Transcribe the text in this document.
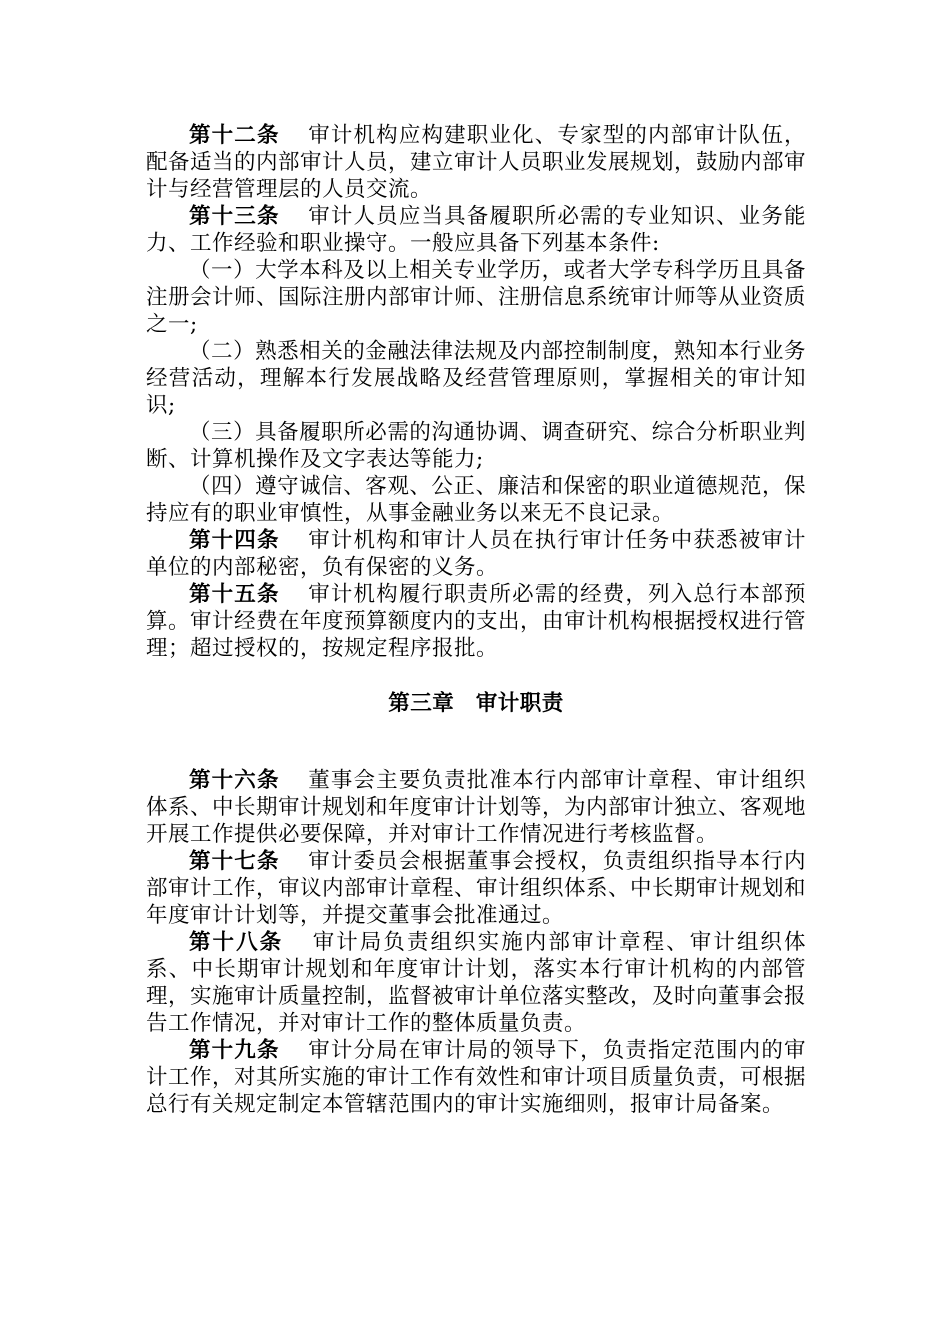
第十二条 审计机构应构建职业化、专家型的内部审计队伍，配备适当的内部审计人员，建立审计人员职业发展规划，鼓励内部审计与经营管理层的人员交流。

第十三条 审计人员应当具备履职所必需的专业知识、业务能力、工作经验和职业操守。一般应具备下列基本条件:

（一）大学本科及以上相关专业学历，或者大学专科学历且具备注册会计师、国际注册内部审计师、注册信息系统审计师等从业资质之一;

（二）熟悉相关的金融法律法规及内部控制制度，熟知本行业务经营活动，理解本行发展战略及经营管理原则，掌握相关的审计知识;

（三）具备履职所必需的沟通协调、调查研究、综合分析职业判断、计算机操作及文字表达等能力;

（四）遵守诚信、客观、公正、廉洁和保密的职业道德规范，保持应有的职业审慎性，从事金融业务以来无不良记录。

第十四条 审计机构和审计人员在执行审计任务中获悉被审计单位的内部秘密，负有保密的义务。

第十五条 审计机构履行职责所必需的经费，列入总行本部预算。审计经费在年度预算额度内的支出，由审计机构根据授权进行管理；超过授权的，按规定程序报批。

第三章 审计职责

第十六条 董事会主要负责批准本行内部审计章程、审计组织体系、中长期审计规划和年度审计计划等，为内部审计独立、客观地开展工作提供必要保障，并对审计工作情况进行考核监督。

第十七条 审计委员会根据董事会授权，负责组织指导本行内部审计工作，审议内部审计章程、审计组织体系、中长期审计规划和年度审计计划等，并提交董事会批准通过。

第十八条 审计局负责组织实施内部审计章程、审计组织体系、中长期审计规划和年度审计计划，落实本行审计机构的内部管理，实施审计质量控制，监督被审计单位落实整改，及时向董事会报告工作情况，并对审计工作的整体质量负责。

第十九条 审计分局在审计局的领导下，负责指定范围内的审计工作，对其所实施的审计工作有效性和审计项目质量负责，可根据总行有关规定制定本管辖范围内的审计实施细则，报审计局备案。
